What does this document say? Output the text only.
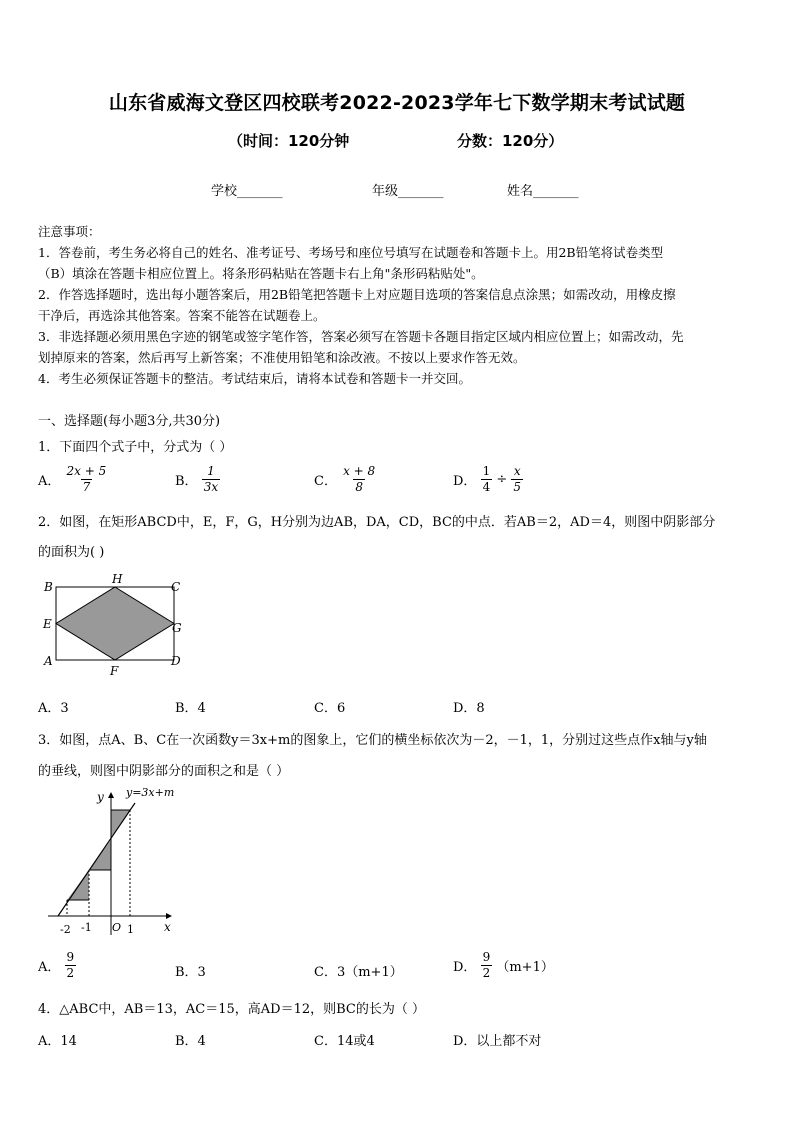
山东省威海文登区四校联考2022-2023学年七下数学期末考试试题
（时间：120分钟	分数：120分）
学校_______	年级_______	姓名_______
注意事项：
1．答卷前，考生务必将自己的姓名、准考证号、考场号和座位号填写在试题卷和答题卡上。用2B铅笔将试卷类型
（B）填涂在答题卡相应位置上。将条形码粘贴在答题卡右上角"条形码粘贴处"。
2．作答选择题时，选出每小题答案后，用2B铅笔把答题卡上对应题目选项的答案信息点涂黑；如需改动，用橡皮擦
干净后，再选涂其他答案。答案不能答在试题卷上。
3．非选择题必须用黑色字迹的钢笔或签字笔作答，答案必须写在答题卡各题目指定区域内相应位置上；如需改动，先
划掉原来的答案，然后再写上新答案；不准使用铅笔和涂改液。不按以上要求作答无效。
4．考生必须保证答题卡的整洁。考试结束后，请将本试卷和答题卡一并交回。
一、选择题(每小题3分,共30分)
1．下面四个式子中，分式为（ ）
A． $\frac{2x + 5}{7}$	B． $\frac{1}{3x}$	C． $\frac{x + 8}{8}$	D． $\frac{1}{4} \div \frac{x}{5}$
2．如图，在矩形ABCD中，E，F，G，H分别为边AB，DA，CD，BC的中点．若AB＝2，AD＝4，则图中阴影部分
的面积为( )
B
H
C
E	G
A
F
D
A．3	B．4	C．6	D．8
3．如图，点A、B、C在一次函数y＝3x+m的图象上，它们的横坐标依次为－2，－1，1，分别过这些点作x轴与y轴
的垂线，则图中阴影部分的面积之和是（ ）
y y=3x+m
x
-2 -1 O 1
A． $\frac{9}{2}$	B．3	C．3（m+1）	D． $\frac{9}{2} (m+1)$
4．△ABC中，AB＝13，AC＝15，高AD＝12，则BC的长为（ ）
A．14	B．4	C．14或4	D．以上都不对
